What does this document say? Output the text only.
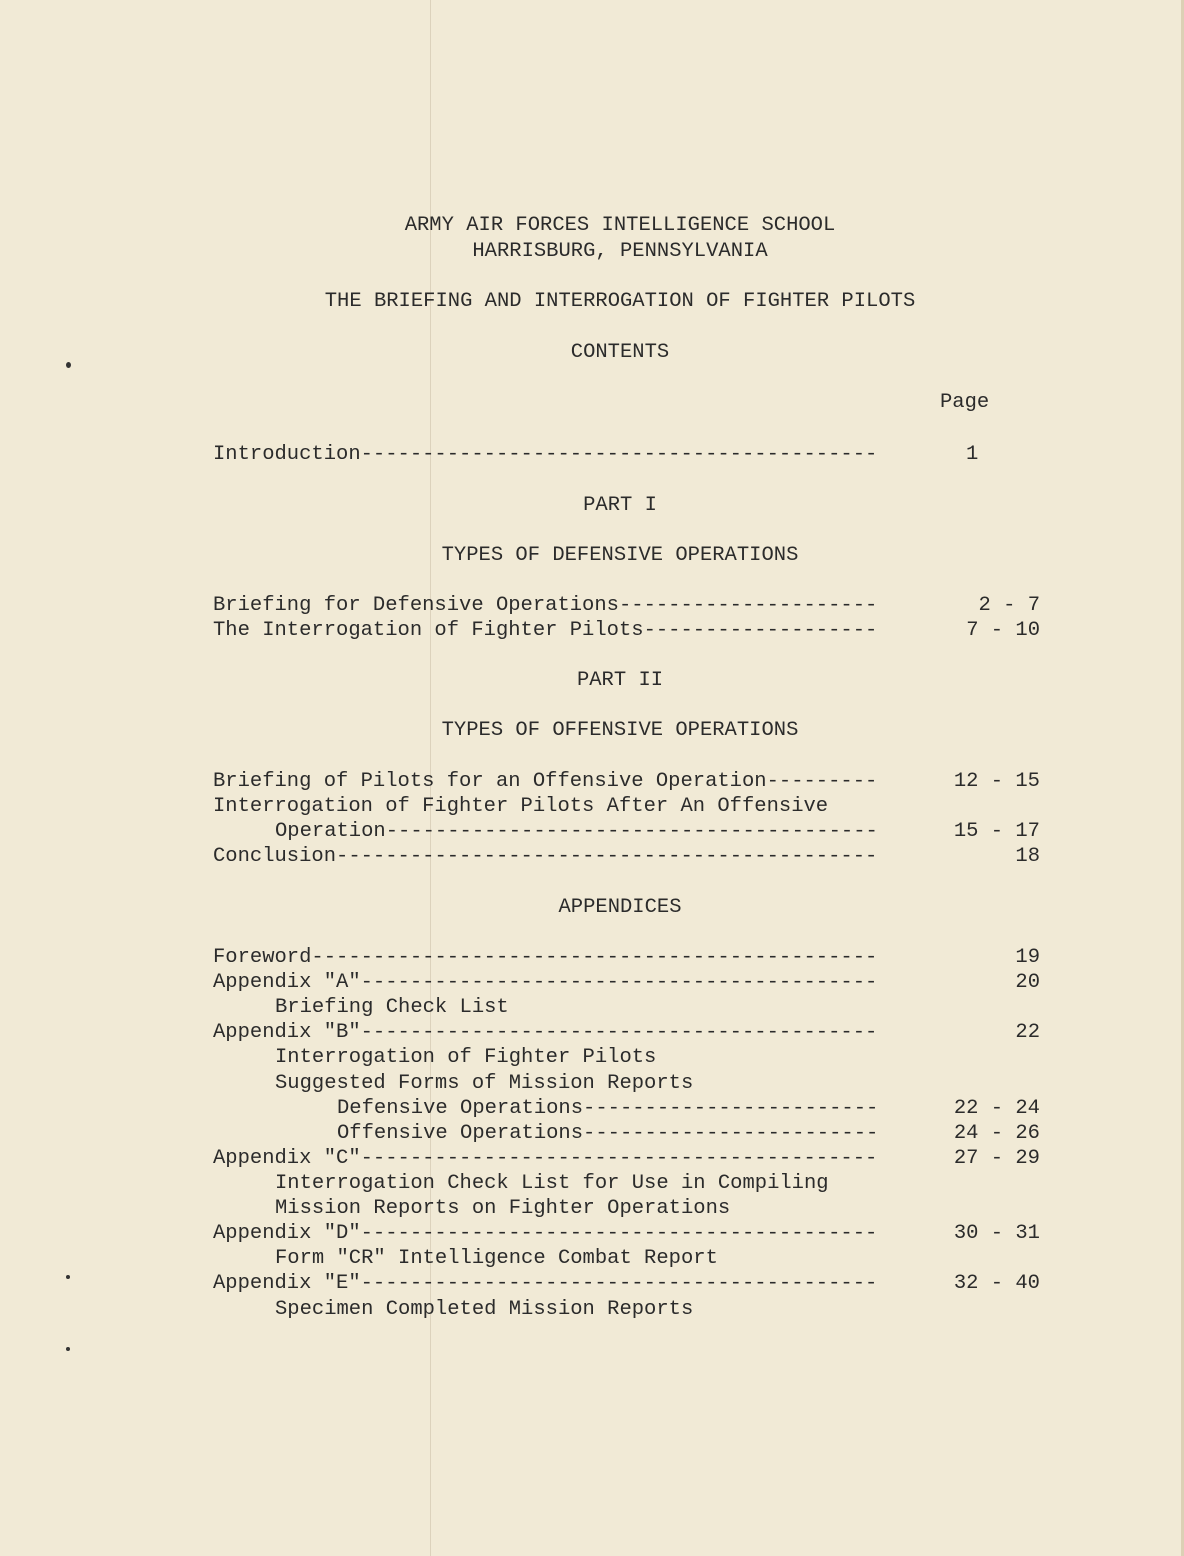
ARMY AIR FORCES INTELLIGENCE SCHOOL
HARRISBURG, PENNSYLVANIA
THE BRIEFING AND INTERROGATION OF FIGHTER PILOTS
CONTENTS
Page
Introduction -----	1
PART I
TYPES OF DEFENSIVE OPERATIONS
PART II
TYPES OF OFFENSIVE OPERATIONS
APPENDICES
Briefing for Defensive Operations -----	2 - 7
The Interrogation of Fighter Pilots -----	7 - 10
Briefing of Pilots for an Offensive Operation -----	12 - 15
Interrogation of Fighter Pilots After An Offensive
Operation -----	15 - 17
Conclusion -----	18
Foreword -----	19
Appendix "A" -----	20
Briefing Check List
Appendix "B" -----	22
Interrogation of Fighter Pilots
Suggested Forms of Mission Reports
Defensive Operations -----	22 - 24
Offensive Operations -----	24 - 26
Appendix "C" -----	27 - 29
Interrogation Check List for Use in Compiling
Mission Reports on Fighter Operations
Appendix "D" -----	30 - 31
Form "CR" Intelligence Combat Report
Appendix "E" -----	32 - 40
Specimen Completed Mission Reports
